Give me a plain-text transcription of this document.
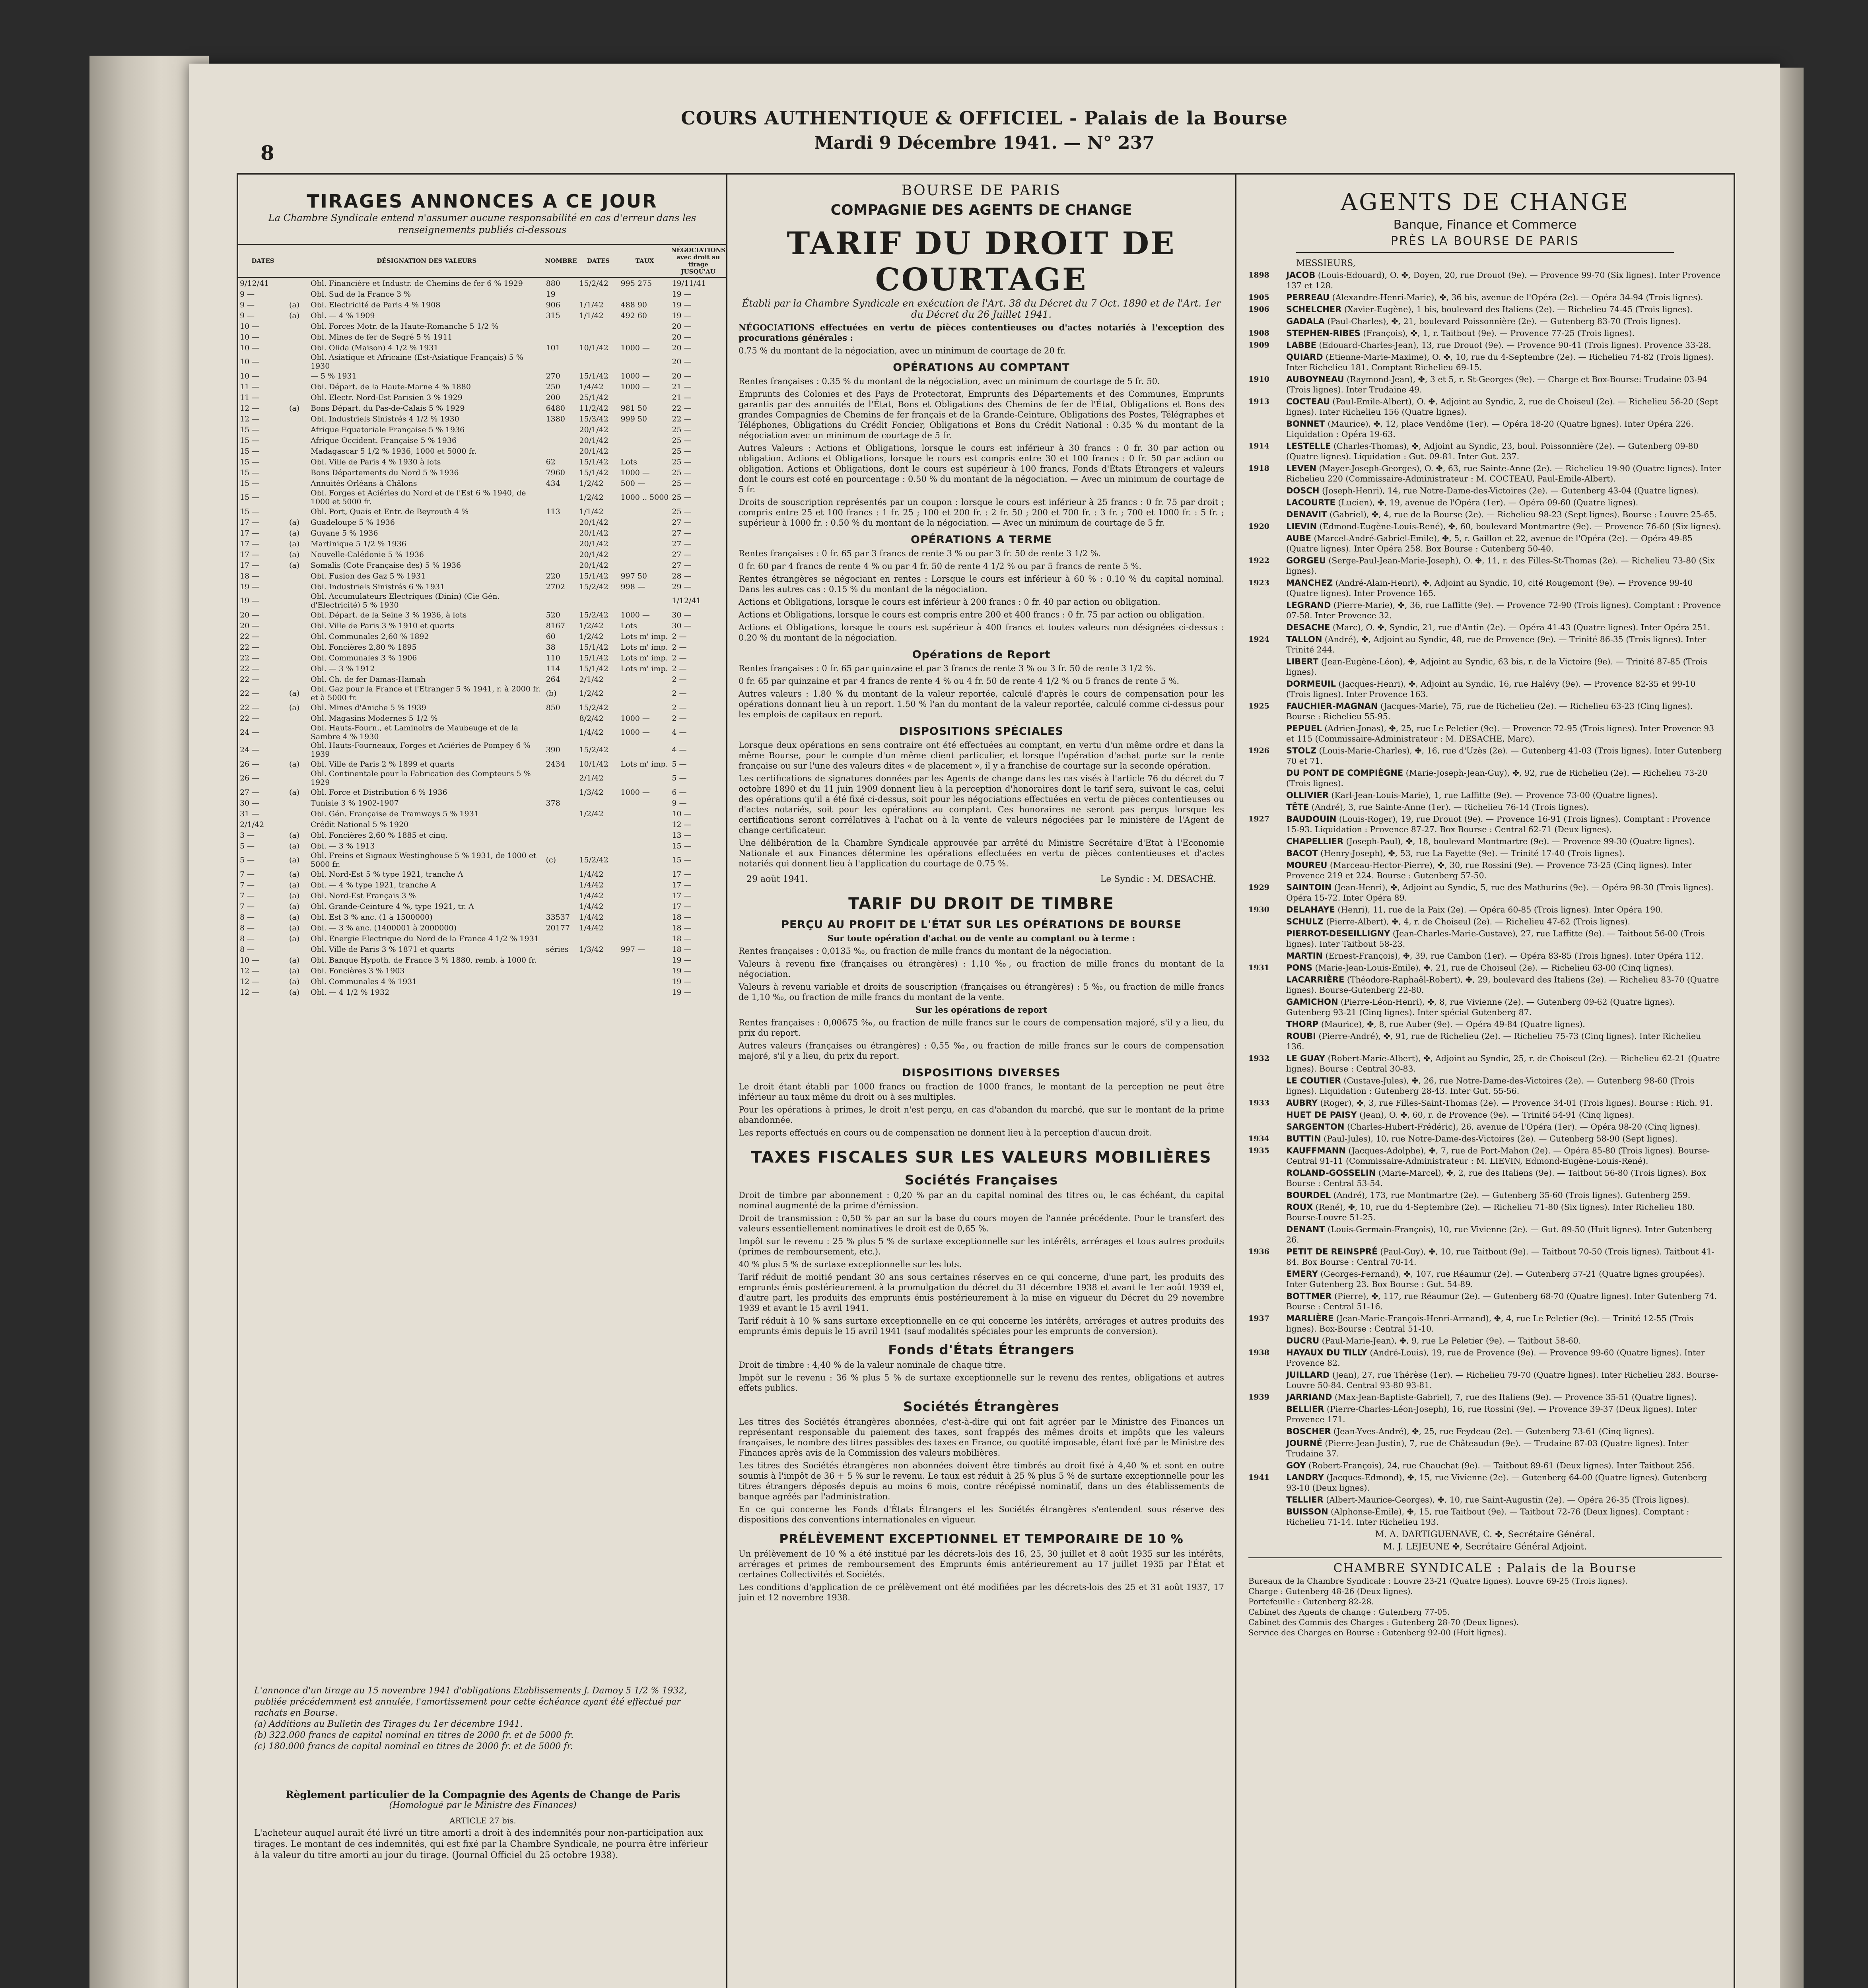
COURS AUTHENTIQUE & OFFICIEL - Palais de la Bourse
Mardi 9 Décembre 1941. — N° 237
8
TIRAGES ANNONCES A CE JOUR
La Chambre Syndicale entend n'assumer aucune responsabilité en cas d'erreur dans les renseignements publiés ci-dessous
DATES		DÉSIGNATION DES VALEURS	NOMBRE	DATES	TAUX	NÉGOCIATIONS avec droit au tirage JUSQU'AU
9/12/41		Obl. Financière et Industr. de Chemins de fer 6 % 1929	880	15/2/42	995 275	19/11/41
9 —		Obl. Sud de la France 3 %	19			19 —
9 —	(a)	Obl. Electricité de Paris 4 % 1908	906	1/1/42	488 90	19 —
9 —	(a)	Obl. — 4 % 1909	315	1/1/42	492 60	19 —
10 —		Obl. Forces Motr. de la Haute-Romanche 5 1/2 %				20 —
10 —		Obl. Mines de fer de Segré 5 % 1911				20 —
10 —		Obl. Olida (Maison) 4 1/2 % 1931	101	10/1/42	1000 —	20 —
10 —		Obl. Asiatique et Africaine (Est-Asiatique Français) 5 % 1930				20 —
10 —		— 5 % 1931	270	15/1/42	1000 —	20 —
11 —		Obl. Départ. de la Haute-Marne 4 % 1880	250	1/4/42	1000 —	21 —
11 —		Obl. Electr. Nord-Est Parisien 3 % 1929	200	25/1/42		21 —
12 —	(a)	Bons Départ. du Pas-de-Calais 5 % 1929	6480	11/2/42	981 50	22 —
12 —		Obl. Industriels Sinistrés 4 1/2 % 1930	1380	15/3/42	999 50	22 —
15 —		Afrique Equatoriale Française 5 % 1936		20/1/42		25 —
15 —		Afrique Occident. Française 5 % 1936		20/1/42		25 —
15 —		Madagascar 5 1/2 % 1936, 1000 et 5000 fr.		20/1/42		25 —
15 —		Obl. Ville de Paris 4 % 1930 à lots	62	15/1/42	Lots	25 —
15 —		Bons Départements du Nord 5 % 1936	7960	15/1/42	1000 —	25 —
15 —		Annuités Orléans à Châlons	434	1/2/42	500 —	25 —
15 —		Obl. Forges et Aciéries du Nord et de l'Est 6 % 1940, de 1000 et 5000 fr.		1/2/42	1000 .. 5000	25 —
15 —		Obl. Port, Quais et Entr. de Beyrouth 4 %	113	1/1/42		25 —
17 —	(a)	Guadeloupe 5 % 1936		20/1/42		27 —
17 —	(a)	Guyane 5 % 1936		20/1/42		27 —
17 —	(a)	Martinique 5 1/2 % 1936		20/1/42		27 —
17 —	(a)	Nouvelle-Calédonie 5 % 1936		20/1/42		27 —
17 —	(a)	Somalis (Cote Française des) 5 % 1936		20/1/42		27 —
18 —		Obl. Fusion des Gaz 5 % 1931	220	15/1/42	997 50	28 —
19 —		Obl. Industriels Sinistrés 6 % 1931	2702	15/2/42	998 —	29 —
19 —		Obl. Accumulateurs Electriques (Dinin) (Cie Gén. d'Electricité) 5 % 1930				1/12/41
20 —		Obl. Départ. de la Seine 3 % 1936, à lots	520	15/2/42	1000 —	30 —
20 —		Obl. Ville de Paris 3 % 1910 et quarts	8167	1/2/42	Lots	30 —
22 —		Obl. Communales 2,60 % 1892	60	1/2/42	Lots m' imp.	2 —
22 —		Obl. Foncières 2,80 % 1895	38	15/1/42	Lots m' imp.	2 —
22 —		Obl. Communales 3 % 1906	110	15/1/42	Lots m' imp.	2 —
22 —		Obl. — 3 % 1912	114	15/1/42	Lots m' imp.	2 —
22 —		Obl. Ch. de fer Damas-Hamah	264	2/1/42		2 —
22 —	(a)	Obl. Gaz pour la France et l'Etranger 5 % 1941, r. à 2000 fr. et à 5000 fr.	(b)	1/2/42		2 —
22 —	(a)	Obl. Mines d'Aniche 5 % 1939	850	15/2/42		2 —
22 —		Obl. Magasins Modernes 5 1/2 %		8/2/42	1000 —	2 —
24 —		Obl. Hauts-Fourn., et Laminoirs de Maubeuge et de la Sambre 4 % 1930		1/4/42	1000 —	4 —
24 —		Obl. Hauts-Fourneaux, Forges et Aciéries de Pompey 6 % 1939	390	15/2/42		4 —
26 —	(a)	Obl. Ville de Paris 2 % 1899 et quarts	2434	10/1/42	Lots m' imp.	5 —
26 —		Obl. Continentale pour la Fabrication des Compteurs 5 % 1929		2/1/42		5 —
27 —	(a)	Obl. Force et Distribution 6 % 1936		1/3/42	1000 —	6 —
30 —		Tunisie 3 % 1902-1907	378			9 —
31 —		Obl. Gén. Française de Tramways 5 % 1931		1/2/42		10 —
2/1/42		Crédit National 5 % 1920				12 —
3 —	(a)	Obl. Foncières 2,60 % 1885 et cinq.				13 —
5 —	(a)	Obl. — 3 % 1913				15 —
5 —	(a)	Obl. Freins et Signaux Westinghouse 5 % 1931, de 1000 et 5000 fr.	(c)	15/2/42		15 —
7 —	(a)	Obl. Nord-Est 5 % type 1921, tranche A		1/4/42		17 —
7 —	(a)	Obl. — 4 % type 1921, tranche A		1/4/42		17 —
7 —	(a)	Obl. Nord-Est Français 3 %		1/4/42		17 —
7 —	(a)	Obl. Grande-Ceinture 4 %, type 1921, tr. A		1/4/42		17 —
8 —	(a)	Obl. Est 3 % anc. (1 à 1500000)	33537	1/4/42		18 —
8 —	(a)	Obl. — 3 % anc. (1400001 à 2000000)	20177	1/4/42		18 —
8 —	(a)	Obl. Energie Electrique du Nord de la France 4 1/2 % 1931				18 —
8 —		Obl. Ville de Paris 3 % 1871 et quarts	séries	1/3/42	997 —	18 —
10 —	(a)	Obl. Banque Hypoth. de France 3 % 1880, remb. à 1000 fr.				19 —
12 —	(a)	Obl. Foncières 3 % 1903				19 —
12 —	(a)	Obl. Communales 4 % 1931				19 —
12 —	(a)	Obl. — 4 1/2 % 1932				19 —
L'annonce d'un tirage au 15 novembre 1941 d'obligations Etablissements J. Damoy 5 1/2 % 1932, publiée précédemment est annulée, l'amortissement pour cette échéance ayant été effectué par rachats en Bourse.
(a) Additions au Bulletin des Tirages du 1er décembre 1941.
(b) 322.000 francs de capital nominal en titres de 2000 fr. et de 5000 fr.
(c) 180.000 francs de capital nominal en titres de 2000 fr. et de 5000 fr.
Règlement particulier de la Compagnie des Agents de Change de Paris
(Homologué par le Ministre des Finances)
ARTICLE 27 bis.
L'acheteur auquel aurait été livré un titre amorti a droit à des indemnités pour non-participation aux tirages. Le montant de ces indemnités, qui est fixé par la Chambre Syndicale, ne pourra être inférieur à la valeur du titre amorti au jour du tirage. (Journal Officiel du 25 octobre 1938).
BOURSE DE PARIS
COMPAGNIE DES AGENTS DE CHANGE
TARIF DU DROIT DE COURTAGE
Établi par la Chambre Syndicale en exécution de l'Art. 38 du Décret du 7 Oct. 1890 et de l'Art. 1er du Décret du 26 Juillet 1941.
NÉGOCIATIONS effectuées en vertu de pièces contentieuses ou d'actes notariés à l'exception des procurations générales :
0.75 % du montant de la négociation, avec un minimum de courtage de 20 fr.
OPÉRATIONS AU COMPTANT
Rentes françaises : 0.35 % du montant de la négociation, avec un minimum de courtage de 5 fr. 50.
Emprunts des Colonies et des Pays de Protectorat, Emprunts des Départements et des Communes, Emprunts garantis par des annuités de l'État, Bons et Obligations des Chemins de fer de l'État, Obligations et Bons des grandes Compagnies de Chemins de fer français et de la Grande-Ceinture, Obligations des Postes, Télégraphes et Téléphones, Obligations du Crédit Foncier, Obligations et Bons du Crédit National : 0.35 % du montant de la négociation avec un minimum de courtage de 5 fr.
Autres Valeurs : Actions et Obligations, lorsque le cours est inférieur à 30 francs : 0 fr. 30 par action ou obligation. Actions et Obligations, lorsque le cours est compris entre 30 et 100 francs : 0 fr. 50 par action ou obligation. Actions et Obligations, dont le cours est supérieur à 100 francs, Fonds d'États Étrangers et valeurs dont le cours est coté en pourcentage : 0.50 % du montant de la négociation. — Avec un minimum de courtage de 5 fr.
Droits de souscription représentés par un coupon : lorsque le cours est inférieur à 25 francs : 0 fr. 75 par droit ; compris entre 25 et 100 francs : 1 fr. 25 ; 100 et 200 fr. : 2 fr. 50 ; 200 et 700 fr. : 3 fr. ; 700 et 1000 fr. : 5 fr. ; supérieur à 1000 fr. : 0.50 % du montant de la négociation. — Avec un minimum de courtage de 5 fr.
OPÉRATIONS A TERME
Rentes françaises : 0 fr. 65 par 3 francs de rente 3 % ou par 3 fr. 50 de rente 3 1/2 %.
0 fr. 60 par 4 francs de rente 4 % ou par 4 fr. 50 de rente 4 1/2 % ou par 5 francs de rente 5 %.
Rentes étrangères se négociant en rentes : Lorsque le cours est inférieur à 60 % : 0.10 % du capital nominal. Dans les autres cas : 0.15 % du montant de la négociation.
Actions et Obligations, lorsque le cours est inférieur à 200 francs : 0 fr. 40 par action ou obligation.
Actions et Obligations, lorsque le cours est compris entre 200 et 400 francs : 0 fr. 75 par action ou obligation.
Actions et Obligations, lorsque le cours est supérieur à 400 francs et toutes valeurs non désignées ci-dessus : 0.20 % du montant de la négociation.
Opérations de Report
Rentes françaises : 0 fr. 65 par quinzaine et par 3 francs de rente 3 % ou 3 fr. 50 de rente 3 1/2 %.
0 fr. 65 par quinzaine et par 4 francs de rente 4 % ou 4 fr. 50 de rente 4 1/2 % ou 5 francs de rente 5 %.
Autres valeurs : 1.80 % du montant de la valeur reportée, calculé d'après le cours de compensation pour les opérations donnant lieu à un report. 1.50 % l'an du montant de la valeur reportée, calculé comme ci-dessus pour les emplois de capitaux en report.
DISPOSITIONS SPÉCIALES
Lorsque deux opérations en sens contraire ont été effectuées au comptant, en vertu d'un même ordre et dans la même Bourse, pour le compte d'un même client particulier, et lorsque l'opération d'achat porte sur la rente française ou sur l'une des valeurs dites « de placement », il y a franchise de courtage sur la seconde opération.
Les certifications de signatures données par les Agents de change dans les cas visés à l'article 76 du décret du 7 octobre 1890 et du 11 juin 1909 donnent lieu à la perception d'honoraires dont le tarif sera, suivant le cas, celui des opérations qu'il a été fixé ci-dessus, soit pour les négociations effectuées en vertu de pièces contentieuses ou d'actes notariés, soit pour les opérations au comptant. Ces honoraires ne seront pas perçus lorsque les certifications seront corrélatives à l'achat ou à la vente de valeurs négociées par le ministère de l'Agent de change certificateur.
Une délibération de la Chambre Syndicale approuvée par arrêté du Ministre Secrétaire d'Etat à l'Economie Nationale et aux Finances détermine les opérations effectuées en vertu de pièces contentieuses et d'actes notariés qui donnent lieu à l'application du courtage de 0.75 %.
29 août 1941.	Le Syndic : M. DESACHÉ.
TARIF DU DROIT DE TIMBRE
PERÇU AU PROFIT DE L'ÉTAT SUR LES OPÉRATIONS DE BOURSE
Sur toute opération d'achat ou de vente au comptant ou à terme :
Rentes françaises : 0,0135 ‰, ou fraction de mille francs du montant de la négociation.
Valeurs à revenu fixe (françaises ou étrangères) : 1,10 ‰, ou fraction de mille francs du montant de la négociation.
Valeurs à revenu variable et droits de souscription (françaises ou étrangères) : 5 ‰, ou fraction de mille francs de 1,10 ‰, ou fraction de mille francs du montant de la vente.
Sur les opérations de report
Rentes françaises : 0,00675 ‰, ou fraction de mille francs sur le cours de compensation majoré, s'il y a lieu, du prix du report.
Autres valeurs (françaises ou étrangères) : 0,55 ‰, ou fraction de mille francs sur le cours de compensation majoré, s'il y a lieu, du prix du report.
DISPOSITIONS DIVERSES
Le droit étant établi par 1000 francs ou fraction de 1000 francs, le montant de la perception ne peut être inférieur au taux même du droit ou à ses multiples.
Pour les opérations à primes, le droit n'est perçu, en cas d'abandon du marché, que sur le montant de la prime abandonnée.
Les reports effectués en cours ou de compensation ne donnent lieu à la perception d'aucun droit.
TAXES FISCALES SUR LES VALEURS MOBILIÈRES
Sociétés Françaises
Droit de timbre par abonnement : 0,20 % par an du capital nominal des titres ou, le cas échéant, du capital nominal augmenté de la prime d'émission.
Droit de transmission : 0,50 % par an sur la base du cours moyen de l'année précédente. Pour le transfert des valeurs essentiellement nominatives le droit est de 0,65 %.
Impôt sur le revenu : 25 % plus 5 % de surtaxe exceptionnelle sur les intérêts, arrérages et tous autres produits (primes de remboursement, etc.).
40 % plus 5 % de surtaxe exceptionnelle sur les lots.
Tarif réduit de moitié pendant 30 ans sous certaines réserves en ce qui concerne, d'une part, les produits des emprunts émis postérieurement à la promulgation du décret du 31 décembre 1938 et avant le 1er août 1939 et, d'autre part, les produits des emprunts émis postérieurement à la mise en vigueur du Décret du 29 novembre 1939 et avant le 15 avril 1941.
Tarif réduit à 10 % sans surtaxe exceptionnelle en ce qui concerne les intérêts, arrérages et autres produits des emprunts émis depuis le 15 avril 1941 (sauf modalités spéciales pour les emprunts de conversion).
Fonds d'États Étrangers
Droit de timbre : 4,40 % de la valeur nominale de chaque titre.
Impôt sur le revenu : 36 % plus 5 % de surtaxe exceptionnelle sur le revenu des rentes, obligations et autres effets publics.
Sociétés Étrangères
Les titres des Sociétés étrangères abonnées, c'est-à-dire qui ont fait agréer par le Ministre des Finances un représentant responsable du paiement des taxes, sont frappés des mêmes droits et impôts que les valeurs françaises, le nombre des titres passibles des taxes en France, ou quotité imposable, étant fixé par le Ministre des Finances après avis de la Commission des valeurs mobilières.
Les titres des Sociétés étrangères non abonnées doivent être timbrés au droit fixé à 4,40 % et sont en outre soumis à l'impôt de 36 + 5 % sur le revenu. Le taux est réduit à 25 % plus 5 % de surtaxe exceptionnelle pour les titres étrangers déposés depuis au moins 6 mois, contre récépissé nominatif, dans un des établissements de banque agréés par l'administration.
En ce qui concerne les Fonds d'États Étrangers et les Sociétés étrangères s'entendent sous réserve des dispositions des conventions internationales en vigueur.
PRÉLÈVEMENT EXCEPTIONNEL ET TEMPORAIRE DE 10 %
Un prélèvement de 10 % a été institué par les décrets-lois des 16, 25, 30 juillet et 8 août 1935 sur les intérêts, arrérages et primes de remboursement des Emprunts émis antérieurement au 17 juillet 1935 par l'État et certaines Collectivités et Sociétés.
Les conditions d'application de ce prélèvement ont été modifiées par les décrets-lois des 25 et 31 août 1937, 17 juin et 12 novembre 1938.
AGENTS DE CHANGE
Banque, Finance et Commerce
PRÈS LA BOURSE DE PARIS
MESSIEURS,
1898	JACOB (Louis-Edouard), O. ✤, Doyen, 20, rue Drouot (9e). — Provence 99-70 (Six lignes). Inter Provence 137 et 128.
1905	PERREAU (Alexandre-Henri-Marie), ✤, 36 bis, avenue de l'Opéra (2e). — Opéra 34-94 (Trois lignes).
1906	SCHELCHER (Xavier-Eugène), 1 bis, boulevard des Italiens (2e). — Richelieu 74-45 (Trois lignes).
GADALA (Paul-Charles), ✤, 21, boulevard Poissonnière (2e). — Gutenberg 83-70 (Trois lignes).
1908	STEPHEN-RIBES (François), ✤, 1, r. Taitbout (9e). — Provence 77-25 (Trois lignes).
1909	LABBE (Edouard-Charles-Jean), 13, rue Drouot (9e). — Provence 90-41 (Trois lignes). Provence 33-28.
QUIARD (Etienne-Marie-Maxime), O. ✤, 10, rue du 4-Septembre (2e). — Richelieu 74-82 (Trois lignes). Inter Richelieu 181. Comptant Richelieu 69-15.
1910	AUBOYNEAU (Raymond-Jean), ✤, 3 et 5, r. St-Georges (9e). — Charge et Box-Bourse: Trudaine 03-94 (Trois lignes). Inter Trudaine 49.
1913	COCTEAU (Paul-Emile-Albert), O. ✤, Adjoint au Syndic, 2, rue de Choiseul (2e). — Richelieu 56-20 (Sept lignes). Inter Richelieu 156 (Quatre lignes).
BONNET (Maurice), ✤, 12, place Vendôme (1er). — Opéra 18-20 (Quatre lignes). Inter Opéra 226. Liquidation : Opéra 19-63.
1914	LESTELLE (Charles-Thomas), ✤, Adjoint au Syndic, 23, boul. Poissonnière (2e). — Gutenberg 09-80 (Quatre lignes). Liquidation : Gut. 09-81. Inter Gut. 237.
1918	LEVEN (Mayer-Joseph-Georges), O. ✤, 63, rue Sainte-Anne (2e). — Richelieu 19-90 (Quatre lignes). Inter Richelieu 220 (Commissaire-Administrateur : M. COCTEAU, Paul-Emile-Albert).
DOSCH (Joseph-Henri), 14, rue Notre-Dame-des-Victoires (2e). — Gutenberg 43-04 (Quatre lignes).
LACOURTE (Lucien), ✤, 19, avenue de l'Opéra (1er). — Opéra 09-60 (Quatre lignes).
DENAVIT (Gabriel), ✤, 4, rue de la Bourse (2e). — Richelieu 98-23 (Sept lignes). Bourse : Louvre 25-65.
1920	LIEVIN (Edmond-Eugène-Louis-René), ✤, 60, boulevard Montmartre (9e). — Provence 76-60 (Six lignes).
AUBE (Marcel-André-Gabriel-Emile), ✤, 5, r. Gaillon et 22, avenue de l'Opéra (2e). — Opéra 49-85 (Quatre lignes). Inter Opéra 258. Box Bourse : Gutenberg 50-40.
1922	GORGEU (Serge-Paul-Jean-Marie-Joseph), O. ✤, 11, r. des Filles-St-Thomas (2e). — Richelieu 73-80 (Six lignes).
1923	MANCHEZ (André-Alain-Henri), ✤, Adjoint au Syndic, 10, cité Rougemont (9e). — Provence 99-40 (Quatre lignes). Inter Provence 165.
LEGRAND (Pierre-Marie), ✤, 36, rue Laffitte (9e). — Provence 72-90 (Trois lignes). Comptant : Provence 07-58. Inter Provence 32.
DESACHE (Marc), O. ✤, Syndic, 21, rue d'Antin (2e). — Opéra 41-43 (Quatre lignes). Inter Opéra 251.
1924	TALLON (André), ✤, Adjoint au Syndic, 48, rue de Provence (9e). — Trinité 86-35 (Trois lignes). Inter Trinité 244.
LIBERT (Jean-Eugène-Léon), ✤, Adjoint au Syndic, 63 bis, r. de la Victoire (9e). — Trinité 87-85 (Trois lignes).
DORMEUIL (Jacques-Henri), ✤, Adjoint au Syndic, 16, rue Halévy (9e). — Provence 82-35 et 99-10 (Trois lignes). Inter Provence 163.
1925	FAUCHIER-MAGNAN (Jacques-Marie), 75, rue de Richelieu (2e). — Richelieu 63-23 (Cinq lignes). Bourse : Richelieu 55-95.
PEPUEL (Adrien-Jonas), ✤, 25, rue Le Peletier (9e). — Provence 72-95 (Trois lignes). Inter Provence 93 et 115 (Commissaire-Administrateur : M. DESACHE, Marc).
1926	STOLZ (Louis-Marie-Charles), ✤, 16, rue d'Uzès (2e). — Gutenberg 41-03 (Trois lignes). Inter Gutenberg 70 et 71.
DU PONT DE COMPIÈGNE (Marie-Joseph-Jean-Guy), ✤, 92, rue de Richelieu (2e). — Richelieu 73-20 (Trois lignes).
OLLIVIER (Karl-Jean-Louis-Marie), 1, rue Laffitte (9e). — Provence 73-00 (Quatre lignes).
TÊTE (André), 3, rue Sainte-Anne (1er). — Richelieu 76-14 (Trois lignes).
1927	BAUDOUIN (Louis-Roger), 19, rue Drouot (9e). — Provence 16-91 (Trois lignes). Comptant : Provence 15-93. Liquidation : Provence 87-27. Box Bourse : Central 62-71 (Deux lignes).
CHAPELLIER (Joseph-Paul), ✤, 18, boulevard Montmartre (9e). — Provence 99-30 (Quatre lignes).
BACOT (Henry-Joseph), ✤, 53, rue La Fayette (9e). — Trinité 17-40 (Trois lignes).
MOUREU (Marceau-Hector-Pierre), ✤, 30, rue Rossini (9e). — Provence 73-25 (Cinq lignes). Inter Provence 219 et 224. Bourse : Gutenberg 57-50.
1929	SAINTOIN (Jean-Henri), ✤, Adjoint au Syndic, 5, rue des Mathurins (9e). — Opéra 98-30 (Trois lignes). Opéra 15-72. Inter Opéra 89.
1930	DELAHAYE (Henri), 11, rue de la Paix (2e). — Opéra 60-85 (Trois lignes). Inter Opéra 190.
SCHULZ (Pierre-Albert), ✤, 4, r. de Choiseul (2e). — Richelieu 47-62 (Trois lignes).
PIERROT-DESEILLIGNY (Jean-Charles-Marie-Gustave), 27, rue Laffitte (9e). — Taitbout 56-00 (Trois lignes). Inter Taitbout 58-23.
MARTIN (Ernest-François), ✤, 39, rue Cambon (1er). — Opéra 83-85 (Trois lignes). Inter Opéra 112.
1931	PONS (Marie-Jean-Louis-Emile), ✤, 21, rue de Choiseul (2e). — Richelieu 63-00 (Cinq lignes).
LACARRIÈRE (Théodore-Raphaël-Robert), ✤, 29, boulevard des Italiens (2e). — Richelieu 83-70 (Quatre lignes). Bourse-Gutenberg 22-80.
GAMICHON (Pierre-Léon-Henri), ✤, 8, rue Vivienne (2e). — Gutenberg 09-62 (Quatre lignes). Gutenberg 93-21 (Cinq lignes). Inter spécial Gutenberg 87.
THORP (Maurice), ✤, 8, rue Auber (9e). — Opéra 49-84 (Quatre lignes).
ROUBI (Pierre-André), ✤, 91, rue de Richelieu (2e). — Richelieu 75-73 (Cinq lignes). Inter Richelieu 136.
1932	LE GUAY (Robert-Marie-Albert), ✤, Adjoint au Syndic, 25, r. de Choiseul (2e). — Richelieu 62-21 (Quatre lignes). Bourse : Central 30-83.
LE COUTIER (Gustave-Jules), ✤, 26, rue Notre-Dame-des-Victoires (2e). — Gutenberg 98-60 (Trois lignes). Liquidation : Gutenberg 28-43. Inter Gut. 55-56.
1933	AUBRY (Roger), ✤, 3, rue Filles-Saint-Thomas (2e). — Provence 34-01 (Trois lignes). Bourse : Rich. 91.
HUET DE PAISY (Jean), O. ✤, 60, r. de Provence (9e). — Trinité 54-91 (Cinq lignes).
SARGENTON (Charles-Hubert-Frédéric), 26, avenue de l'Opéra (1er). — Opéra 98-20 (Cinq lignes).
1934	BUTTIN (Paul-Jules), 10, rue Notre-Dame-des-Victoires (2e). — Gutenberg 58-90 (Sept lignes).
1935	KAUFFMANN (Jacques-Adolphe), ✤, 7, rue de Port-Mahon (2e). — Opéra 85-80 (Trois lignes). Bourse-Central 91-11 (Commissaire-Administrateur : M. LIEVIN, Edmond-Eugène-Louis-René).
ROLAND-GOSSELIN (Marie-Marcel), ✤, 2, rue des Italiens (9e). — Taitbout 56-80 (Trois lignes). Box Bourse : Central 53-54.
BOURDEL (André), 173, rue Montmartre (2e). — Gutenberg 35-60 (Trois lignes). Gutenberg 259.
ROUX (René), ✤, 10, rue du 4-Septembre (2e). — Richelieu 71-80 (Six lignes). Inter Richelieu 180. Bourse-Louvre 51-25.
DENANT (Louis-Germain-François), 10, rue Vivienne (2e). — Gut. 89-50 (Huit lignes). Inter Gutenberg 26.
1936	PETIT DE REINSPRÉ (Paul-Guy), ✤, 10, rue Taitbout (9e). — Taitbout 70-50 (Trois lignes). Taitbout 41-84. Box Bourse : Central 70-14.
EMERY (Georges-Fernand), ✤, 107, rue Réaumur (2e). — Gutenberg 57-21 (Quatre lignes groupées). Inter Gutenberg 23. Box Bourse : Gut. 54-89.
BOTTMER (Pierre), ✤, 117, rue Réaumur (2e). — Gutenberg 68-70 (Quatre lignes). Inter Gutenberg 74. Bourse : Central 51-16.
1937	MARLIÈRE (Jean-Marie-François-Henri-Armand), ✤, 4, rue Le Peletier (9e). — Trinité 12-55 (Trois lignes). Box-Bourse : Central 51-10.
DUCRU (Paul-Marie-Jean), ✤, 9, rue Le Peletier (9e). — Taitbout 58-60.
1938	HAYAUX DU TILLY (André-Louis), 19, rue de Provence (9e). — Provence 99-60 (Quatre lignes). Inter Provence 82.
JUILLARD (Jean), 27, rue Thérèse (1er). — Richelieu 79-70 (Quatre lignes). Inter Richelieu 283. Bourse-Louvre 50-84. Central 93-80 93-81.
1939	JARRIAND (Max-Jean-Baptiste-Gabriel), 7, rue des Italiens (9e). — Provence 35-51 (Quatre lignes).
BELLIER (Pierre-Charles-Léon-Joseph), 16, rue Rossini (9e). — Provence 39-37 (Deux lignes). Inter Provence 171.
BOSCHER (Jean-Yves-André), ✤, 25, rue Feydeau (2e). — Gutenberg 73-61 (Cinq lignes).
JOURNÉ (Pierre-Jean-Justin), 7, rue de Châteaudun (9e). — Trudaine 87-03 (Quatre lignes). Inter Trudaine 37.
GOY (Robert-François), 24, rue Chauchat (9e). — Taitbout 89-61 (Deux lignes). Inter Taitbout 256.
1941	LANDRY (Jacques-Edmond), ✤, 15, rue Vivienne (2e). — Gutenberg 64-00 (Quatre lignes). Gutenberg 93-10 (Deux lignes).
TELLIER (Albert-Maurice-Georges), ✤, 10, rue Saint-Augustin (2e). — Opéra 26-35 (Trois lignes).
BUISSON (Alphonse-Émile), ✤, 15, rue Taitbout (9e). — Taitbout 72-76 (Deux lignes). Comptant : Richelieu 71-14. Inter Richelieu 193.
M. A. DARTIGUENAVE, C. ✤, Secrétaire Général.
M. J. LEJEUNE ✤, Secrétaire Général Adjoint.
CHAMBRE SYNDICALE : Palais de la Bourse
Bureaux de la Chambre Syndicale : Louvre 23-21 (Quatre lignes). Louvre 69-25 (Trois lignes).
Charge : Gutenberg 48-26 (Deux lignes).
Portefeuille : Gutenberg 82-28.
Cabinet des Agents de change : Gutenberg 77-05.
Cabinet des Commis des Charges : Gutenberg 28-70 (Deux lignes).
Service des Charges en Bourse : Gutenberg 92-00 (Huit lignes).
